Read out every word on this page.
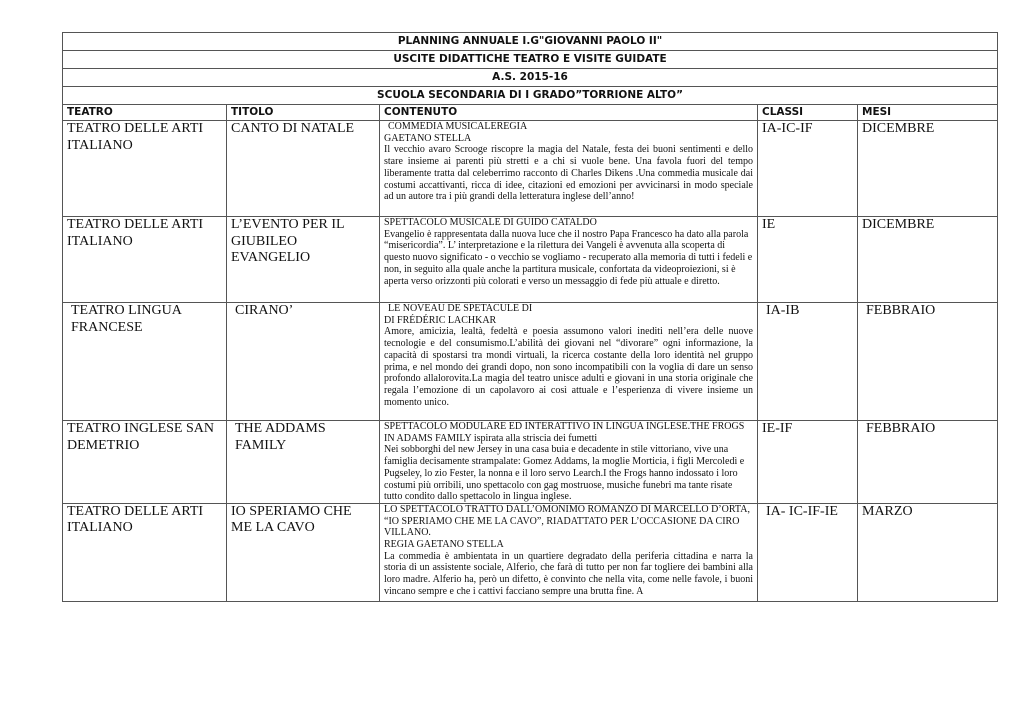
PLANNING ANNUALE I.G"GIOVANNI PAOLO II"				
USCITE DIDATTICHE TEATRO E VISITE GUIDATE				
A.S. 2015-16				
SCUOLA SECONDARIA DI I GRADO”TORRIONE ALTO”				
TEATRO	TITOLO	CONTENUTO	CLASSI	MESI
TEATRO DELLE ARTI ITALIANO	CANTO DI NATALE	COMMEDIA MUSICALEREGIA
GAETANO STELLA
Il vecchio avaro Scrooge riscopre la magia del Natale, festa dei buoni sentimenti e dello stare insieme ai parenti più stretti e a chi si vuole bene. Una favola fuori del tempo liberamente tratta dal celeberrimo racconto di Charles Dikens .Una commedia musicale dai costumi accattivanti, ricca di idee, citazioni ed emozioni per avvicinarsi in modo speciale ad un autore tra i più grandi della letteratura inglese dell’anno!	IA-IC-IF	DICEMBRE
TEATRO DELLE ARTI ITALIANO	L’EVENTO PER IL GIUBILEO EVANGELIO	SPETTACOLO MUSICALE DI GUIDO CATALDO
Evangelio è rappresentata dalla nuova luce che il nostro Papa Francesco ha dato alla parola “misericordia”. L’ interpretazione e la rilettura dei Vangeli è avvenuta alla scoperta di questo nuovo significato - o vecchio se vogliamo - recuperato alla memoria di tutti i fedeli e non, in seguito alla quale anche la partitura musicale, confortata da videoproiezioni, si è aperta verso orizzonti più colorati e verso un messaggio di fede più attuale e diretto.	IE	DICEMBRE
TEATRO LINGUA FRANCESE	CIRANO’	LE NOVEAU DE SPETACULE DI
DI FRÉDÉRIC LACHKAR
Amore, amicizia, lealtà, fedeltà e poesia assumono valori inediti nell’era delle nuove tecnologie e del consumismo.L’abilità dei giovani nel “divorare” ogni informazione, la capacità di spostarsi tra mondi virtuali, la ricerca costante della loro identità nel gruppo prima, e nel mondo dei grandi dopo, non sono incompatibili con la voglia di dare un senso profondo allalorovita.La magia del teatro unisce adulti e giovani in una storia originale che regala l’emozione di un capolavoro ai così attuale e l’esperienza di vivere insieme un momento unico.	IA-IB	FEBBRAIO
TEATRO INGLESE SAN DEMETRIO	THE ADDAMS FAMILY	SPETTACOLO MODULARE ED INTERATTIVO IN LINGUA INGLESE.THE FROGS IN ADAMS FAMILY ispirata alla striscia dei fumetti
Nei sobborghi del new Jersey in una casa buia e decadente in stile vittoriano, vive una famiglia decisamente strampalate: Gomez Addams, la moglie Morticia, i figli Mercoledì e Pugseley, lo zio Fester, la nonna e il loro servo Learch.I the Frogs hanno indossato i loro costumi più orribili, uno spettacolo con gag mostruose, musiche funebri ma tante risate tutto condito dallo spettacolo in lingua inglese.	IE-IF	FEBBRAIO
TEATRO DELLE ARTI ITALIANO	IO SPERIAMO CHE ME LA CAVO	LO SPETTACOLO TRATTO DALL’OMONIMO ROMANZO DI MARCELLO D’ORTA, “IO SPERIAMO CHE ME LA CAVO”, RIADATTATO PER L’OCCASIONE DA CIRO VILLANO.
REGIA GAETANO STELLA
La commedia è ambientata in un quartiere degradato della periferia cittadina e narra la storia di un assistente sociale, Alferio, che farà di tutto per non far togliere dei bambini alla loro madre. Alferio ha, però un difetto, è convinto che nella vita, come nelle favole, i buoni vincano sempre e che i cattivi facciano sempre una brutta fine. A	IA- IC-IF-IE	MARZO
